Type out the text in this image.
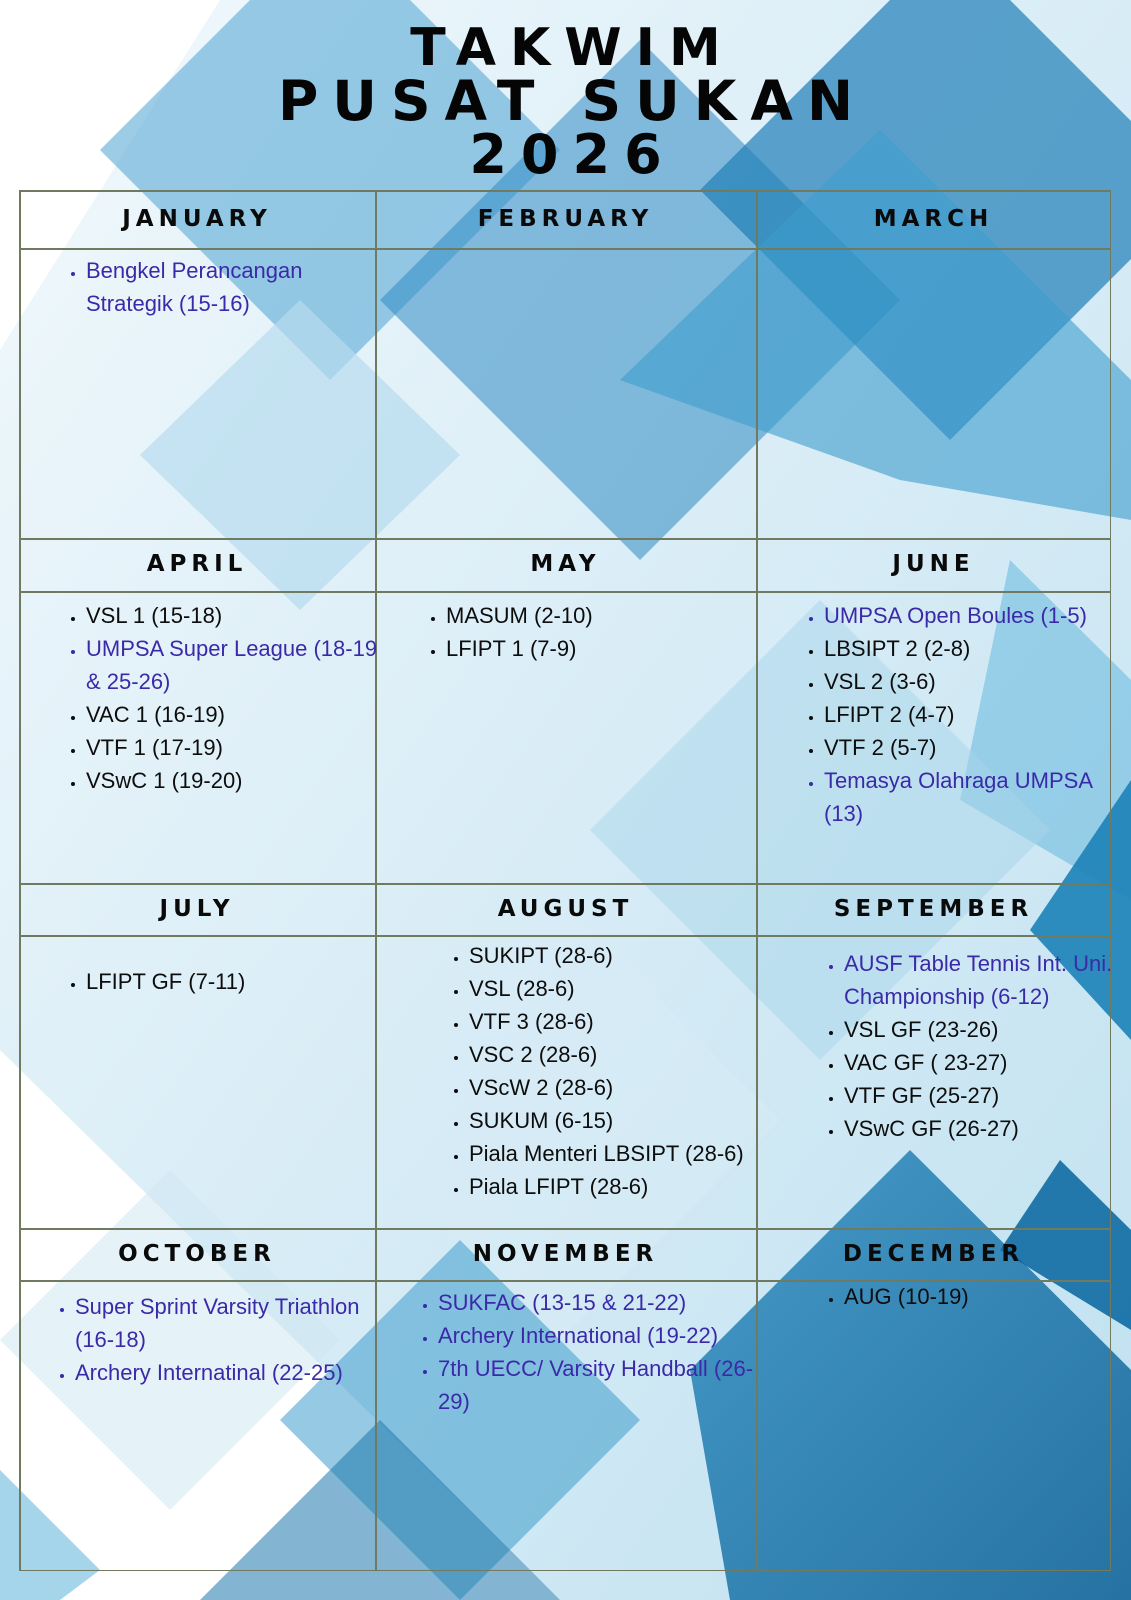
TAKWIM
PUSAT SUKAN
2026
JANUARY
• Bengkel Perancangan Strategik (15-16)
FEBRUARY	MARCH
APRIL
• VSL 1 (15-18)
• UMPSA Super League (18-19 & 25-26)
• VAC 1 (16-19)
• VTF 1 (17-19)
• VSwC 1 (19-20)
MAY
• MASUM (2-10)
• LFIPT 1 (7-9)
JUNE
• UMPSA Open Boules (1-5)
• LBSIPT 2 (2-8)
• VSL 2 (3-6)
• LFIPT 2 (4-7)
• VTF 2 (5-7)
• Temasya Olahraga UMPSA (13)
JULY
• LFIPT GF (7-11)
AUGUST
• SUKIPT (28-6)
• VSL (28-6)
• VTF 3 (28-6)
• VSC 2 (28-6)
• VScW 2 (28-6)
• SUKUM (6-15)
• Piala Menteri LBSIPT (28-6)
• Piala LFIPT (28-6)
SEPTEMBER
• AUSF Table Tennis Int. Uni. Championship (6-12)
• VSL GF (23-26)
• VAC GF ( 23-27)
• VTF GF (25-27)
• VSwC GF (26-27)
OCTOBER
• Super Sprint Varsity Triathlon (16-18)
• Archery Internatinal (22-25)
NOVEMBER
• SUKFAC (13-15 & 21-22)
• Archery International (19-22)
• 7th UECC/ Varsity Handball (26-29)
DECEMBER
• AUG (10-19)
